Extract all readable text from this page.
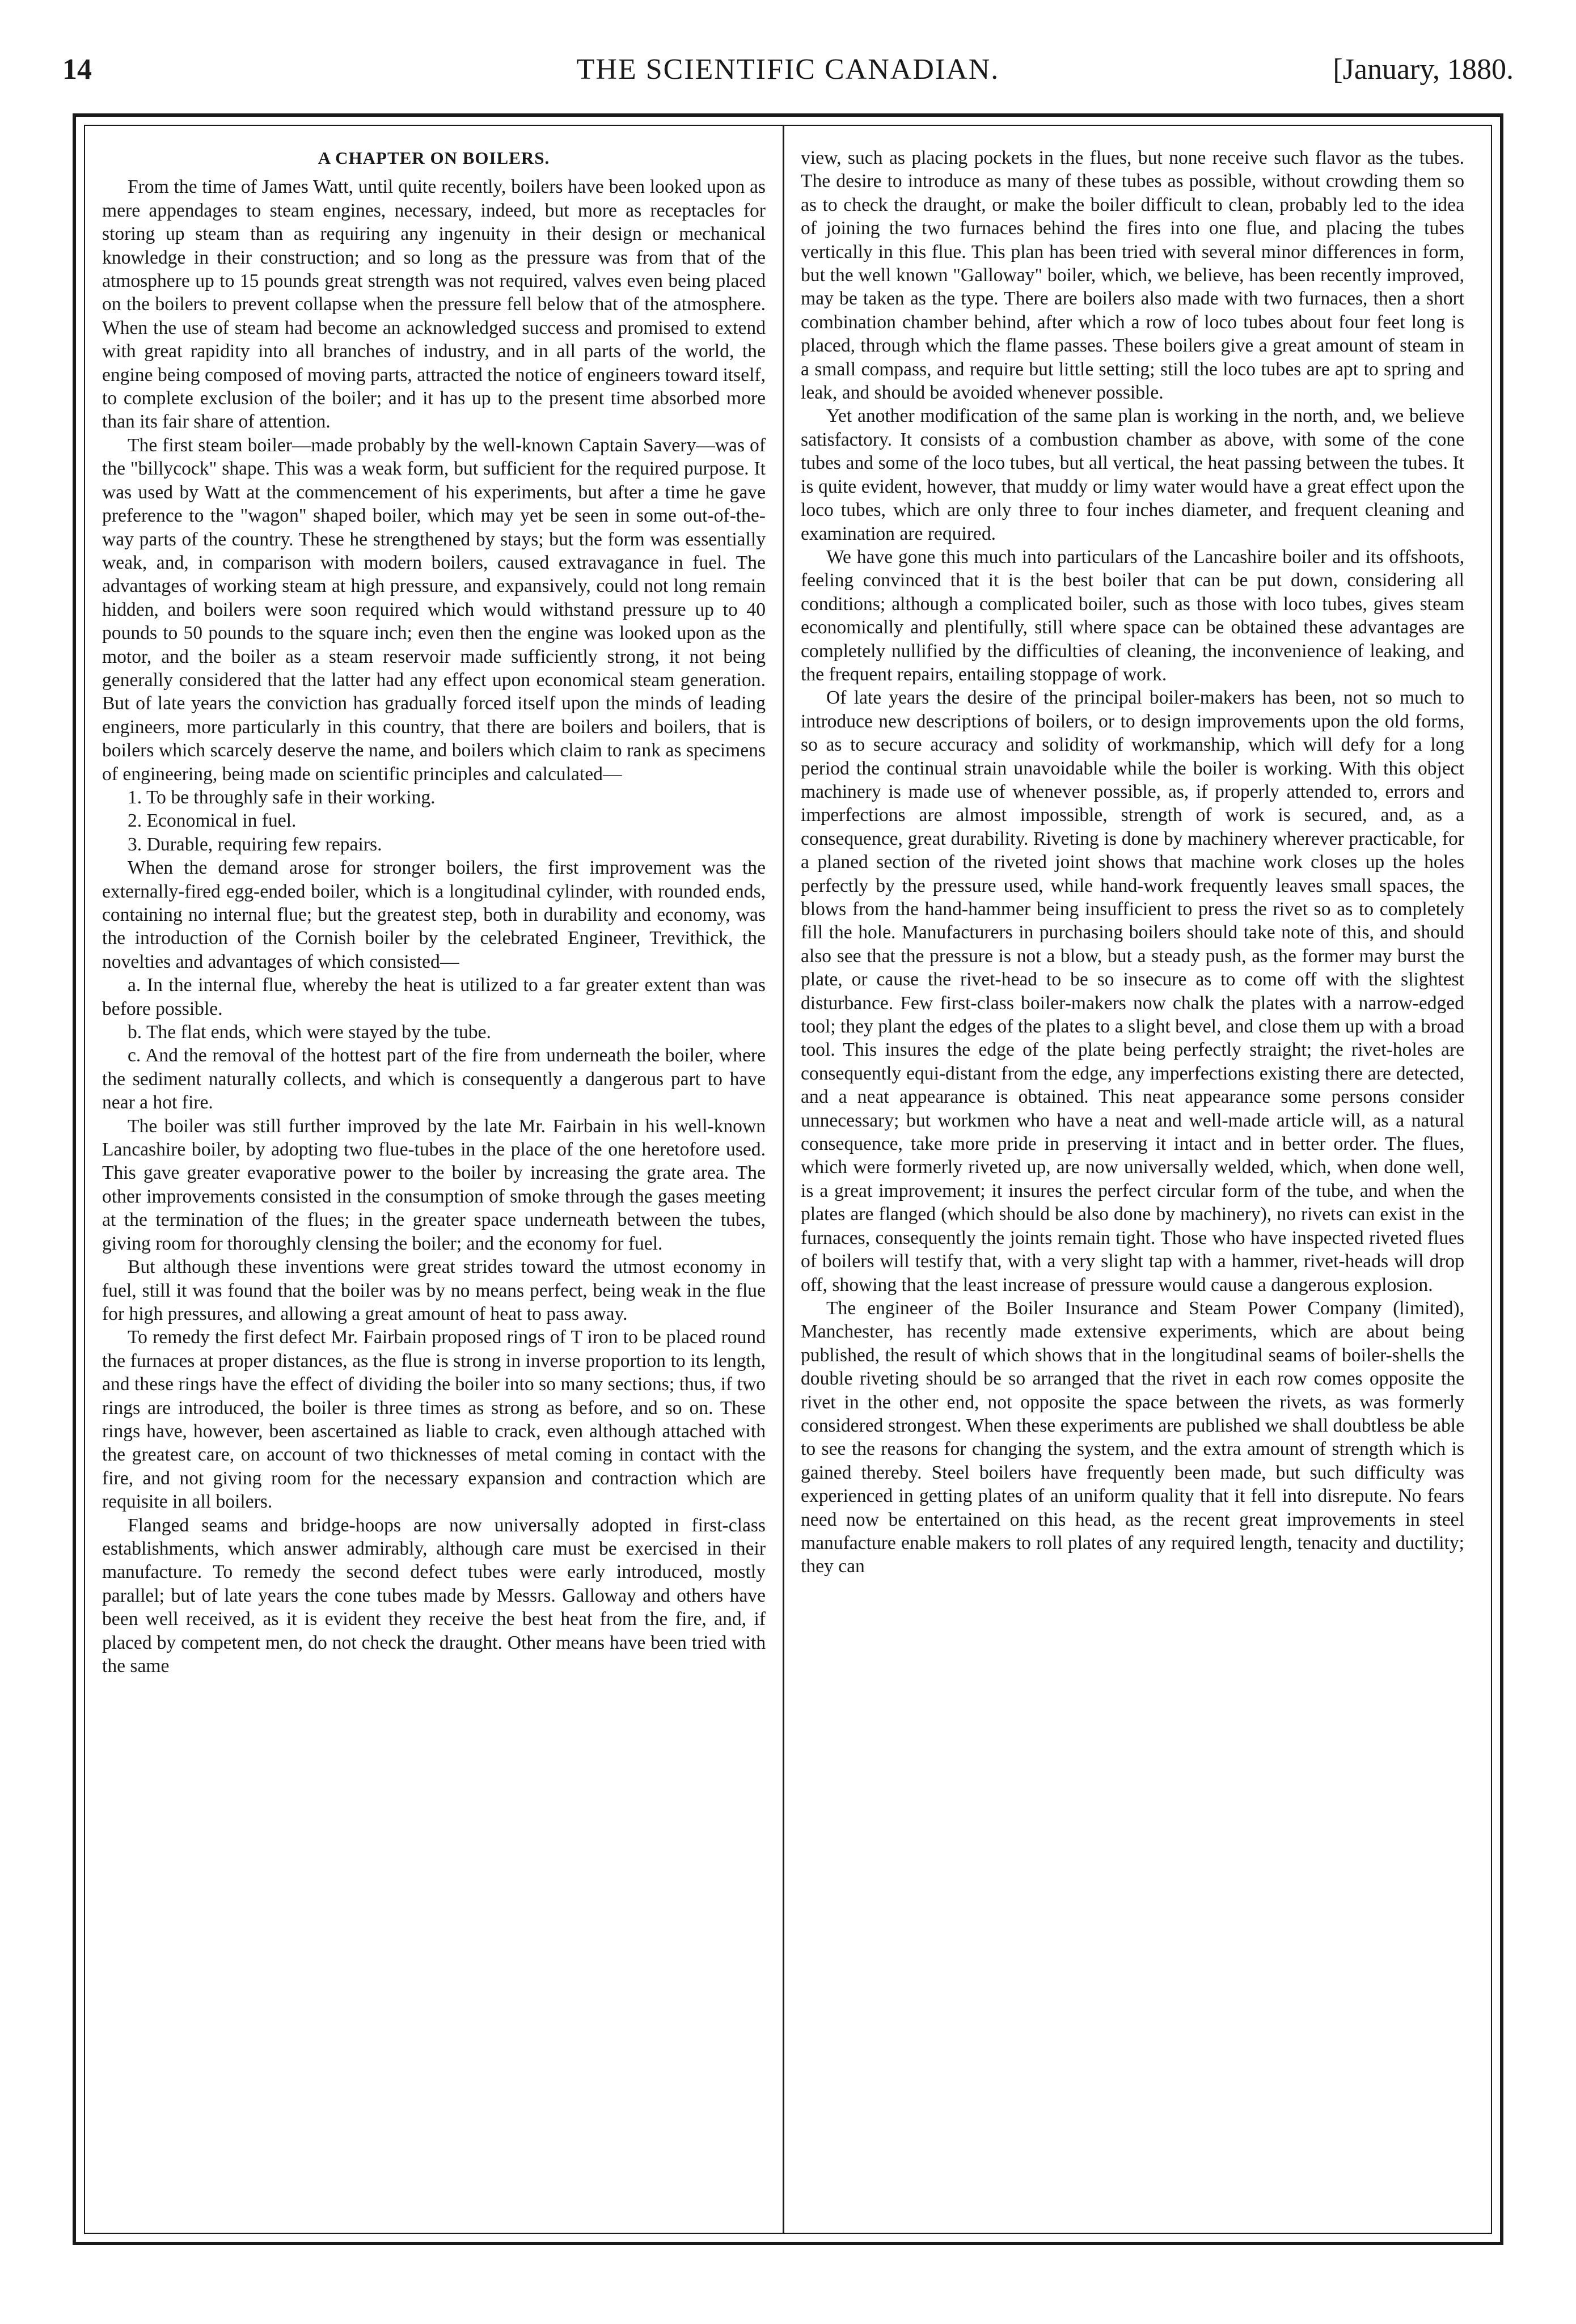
14	THE SCIENTIFIC CANADIAN.	[January, 1880.
A CHAPTER ON BOILERS.

From the time of James Watt, until quite recently, boilers have been looked upon as mere appendages to steam engines, necessary, indeed, but more as receptacles for storing up steam than as requiring any ingenuity in their design or mechanical knowledge in their construction; and so long as the pressure was from that of the atmosphere up to 15 pounds great strength was not required, valves even being placed on the boilers to prevent collapse when the pressure fell below that of the atmosphere. When the use of steam had become an acknowledged success and promised to extend with great rapidity into all branches of industry, and in all parts of the world, the engine being composed of moving parts, attracted the notice of engineers toward itself, to complete exclusion of the boiler; and it has up to the present time absorbed more than its fair share of attention.

The first steam boiler—made probably by the well-known Captain Savery—was of the "billycock" shape. This was a weak form, but sufficient for the required purpose. It was used by Watt at the commencement of his experiments, but after a time he gave preference to the "wagon" shaped boiler, which may yet be seen in some out-of-the-way parts of the country. These he strengthened by stays; but the form was essentially weak, and, in comparison with modern boilers, caused extravagance in fuel. The advantages of working steam at high pressure, and expansively, could not long remain hidden, and boilers were soon required which would withstand pressure up to 40 pounds to 50 pounds to the square inch; even then the engine was looked upon as the motor, and the boiler as a steam reservoir made sufficiently strong, it not being generally considered that the latter had any effect upon economical steam generation. But of late years the conviction has gradually forced itself upon the minds of leading engineers, more particularly in this country, that there are boilers and boilers, that is boilers which scarcely deserve the name, and boilers which claim to rank as specimens of engineering, being made on scientific principles and calculated—

1. To be throughly safe in their working.

2. Economical in fuel.

3. Durable, requiring few repairs.

When the demand arose for stronger boilers, the first improvement was the externally-fired egg-ended boiler, which is a longitudinal cylinder, with rounded ends, containing no internal flue; but the greatest step, both in durability and economy, was the introduction of the Cornish boiler by the celebrated Engineer, Trevithick, the novelties and advantages of which consisted—

a. In the internal flue, whereby the heat is utilized to a far greater extent than was before possible.

b. The flat ends, which were stayed by the tube.

c. And the removal of the hottest part of the fire from underneath the boiler, where the sediment naturally collects, and which is consequently a dangerous part to have near a hot fire.

The boiler was still further improved by the late Mr. Fairbain in his well-known Lancashire boiler, by adopting two flue-tubes in the place of the one heretofore used. This gave greater evaporative power to the boiler by increasing the grate area. The other improvements consisted in the consumption of smoke through the gases meeting at the termination of the flues; in the greater space underneath between the tubes, giving room for thoroughly clensing the boiler; and the economy for fuel.

But although these inventions were great strides toward the utmost economy in fuel, still it was found that the boiler was by no means perfect, being weak in the flue for high pressures, and allowing a great amount of heat to pass away.

To remedy the first defect Mr. Fairbain proposed rings of T iron to be placed round the furnaces at proper distances, as the flue is strong in inverse proportion to its length, and these rings have the effect of dividing the boiler into so many sections; thus, if two rings are introduced, the boiler is three times as strong as before, and so on. These rings have, however, been ascertained as liable to crack, even although attached with the greatest care, on account of two thicknesses of metal coming in contact with the fire, and not giving room for the necessary expansion and contraction which are requisite in all boilers.

Flanged seams and bridge-hoops are now universally adopted in first-class establishments, which answer admirably, although care must be exercised in their manufacture. To remedy the second defect tubes were early introduced, mostly parallel; but of late years the cone tubes made by Messrs. Galloway and others have been well received, as it is evident they receive the best heat from the fire, and, if placed by competent men, do not check the draught. Other means have been tried with the same

view, such as placing pockets in the flues, but none receive such flavor as the tubes. The desire to introduce as many of these tubes as possible, without crowding them so as to check the draught, or make the boiler difficult to clean, probably led to the idea of joining the two furnaces behind the fires into one flue, and placing the tubes vertically in this flue. This plan has been tried with several minor differences in form, but the well known "Galloway" boiler, which, we believe, has been recently improved, may be taken as the type. There are boilers also made with two furnaces, then a short combination chamber behind, after which a row of loco tubes about four feet long is placed, through which the flame passes. These boilers give a great amount of steam in a small compass, and require but little setting; still the loco tubes are apt to spring and leak, and should be avoided whenever possible.

Yet another modification of the same plan is working in the north, and, we believe satisfactory. It consists of a combustion chamber as above, with some of the cone tubes and some of the loco tubes, but all vertical, the heat passing between the tubes. It is quite evident, however, that muddy or limy water would have a great effect upon the loco tubes, which are only three to four inches diameter, and frequent cleaning and examination are required.

We have gone this much into particulars of the Lancashire boiler and its offshoots, feeling convinced that it is the best boiler that can be put down, considering all conditions; although a complicated boiler, such as those with loco tubes, gives steam economically and plentifully, still where space can be obtained these advantages are completely nullified by the difficulties of cleaning, the inconvenience of leaking, and the frequent repairs, entailing stoppage of work.

Of late years the desire of the principal boiler-makers has been, not so much to introduce new descriptions of boilers, or to design improvements upon the old forms, so as to secure accuracy and solidity of workmanship, which will defy for a long period the continual strain unavoidable while the boiler is working. With this object machinery is made use of whenever possible, as, if properly attended to, errors and imperfections are almost impossible, strength of work is secured, and, as a consequence, great durability. Riveting is done by machinery wherever practicable, for a planed section of the riveted joint shows that machine work closes up the holes perfectly by the pressure used, while hand-work frequently leaves small spaces, the blows from the hand-hammer being insufficient to press the rivet so as to completely fill the hole. Manufacturers in purchasing boilers should take note of this, and should also see that the pressure is not a blow, but a steady push, as the former may burst the plate, or cause the rivet-head to be so insecure as to come off with the slightest disturbance. Few first-class boiler-makers now chalk the plates with a narrow-edged tool; they plant the edges of the plates to a slight bevel, and close them up with a broad tool. This insures the edge of the plate being perfectly straight; the rivet-holes are consequently equi-distant from the edge, any imperfections existing there are detected, and a neat appearance is obtained. This neat appearance some persons consider unnecessary; but workmen who have a neat and well-made article will, as a natural consequence, take more pride in preserving it intact and in better order. The flues, which were formerly riveted up, are now universally welded, which, when done well, is a great improvement; it insures the perfect circular form of the tube, and when the plates are flanged (which should be also done by machinery), no rivets can exist in the furnaces, consequently the joints remain tight. Those who have inspected riveted flues of boilers will testify that, with a very slight tap with a hammer, rivet-heads will drop off, showing that the least increase of pressure would cause a dangerous explosion.

The engineer of the Boiler Insurance and Steam Power Company (limited), Manchester, has recently made extensive experiments, which are about being published, the result of which shows that in the longitudinal seams of boiler-shells the double riveting should be so arranged that the rivet in each row comes opposite the rivet in the other end, not opposite the space between the rivets, as was formerly considered strongest. When these experiments are published we shall doubtless be able to see the reasons for changing the system, and the extra amount of strength which is gained thereby. Steel boilers have frequently been made, but such difficulty was experienced in getting plates of an uniform quality that it fell into disrepute. No fears need now be entertained on this head, as the recent great improvements in steel manufacture enable makers to roll plates of any required length, tenacity and ductility; they can
